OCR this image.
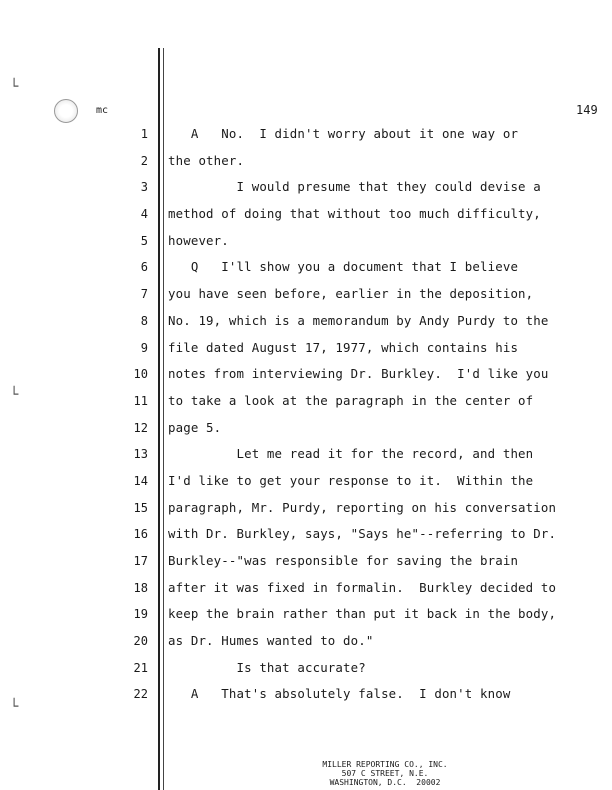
└
└
└
mc	149
1 A   No.  I didn't worry about it one way or
2 the other.
3 I would presume that they could devise a
4 method of doing that without too much difficulty,
5 however.
6 Q   I'll show you a document that I believe
7 you have seen before, earlier in the deposition,
8 No. 19, which is a memorandum by Andy Purdy to the
9 file dated August 17, 1977, which contains his
10 notes from interviewing Dr. Burkley.  I'd like you
11 to take a look at the paragraph in the center of
12 page 5.
13 Let me read it for the record, and then
14 I'd like to get your response to it.  Within the
15 paragraph, Mr. Purdy, reporting on his conversation
16 with Dr. Burkley, says, "Says he"--referring to Dr.
17 Burkley--"was responsible for saving the brain
18 after it was fixed in formalin.  Burkley decided to
19 keep the brain rather than put it back in the body,
20 as Dr. Humes wanted to do."
21 Is that accurate?
22 A   That's absolutely false.  I don't know
MILLER REPORTING CO., INC.
507 C STREET, N.E.
WASHINGTON, D.C.  20002
